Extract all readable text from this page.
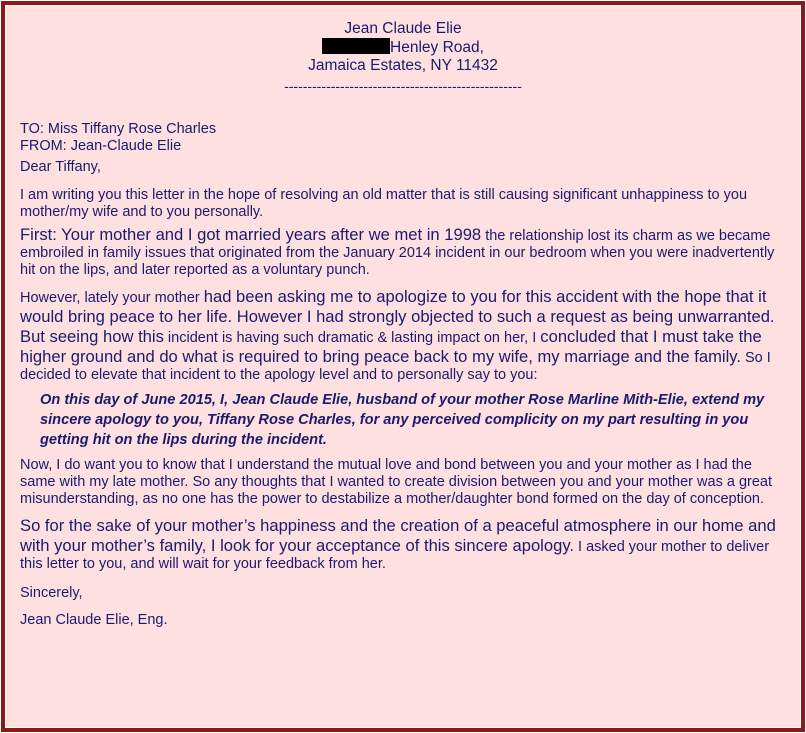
Jean Claude Elie
Henley Road,
Jamaica Estates, NY 11432
---------------------------------------------------

TO: Miss Tiffany Rose Charles

FROM: Jean-Claude Elie

Dear Tiffany,

I am writing you this letter in the hope of resolving an old matter that is still causing significant unhappiness to you mother/my wife and to you personally.

First: Your mother and I got married years after we met in 1998 the relationship lost its charm as we became embroiled in family issues that originated from the January 2014 incident in our bedroom when you were inadvertently hit on the lips, and later reported as a voluntary punch.

However, lately your mother had been asking me to apologize to you for this accident with the hope that it would bring peace to her life. However I had strongly objected to such a request as being unwarranted. But seeing how this incident is having such dramatic & lasting impact on her, I concluded that I must take the higher ground and do what is required to bring peace back to my wife, my marriage and the family. So I decided to elevate that incident to the apology level and to personally say to you:

On this day of June 2015, I, Jean Claude Elie, husband of your mother Rose Marline Mith-Elie, extend my sincere apology to you, Tiffany Rose Charles, for any perceived complicity on my part resulting in you getting hit on the lips during the incident.

Now, I do want you to know that I understand the mutual love and bond between you and your mother as I had the same with my late mother. So any thoughts that I wanted to create division between you and your mother was a great misunderstanding, as no one has the power to destabilize a mother/daughter bond formed on the day of conception.

So for the sake of your mother’s happiness and the creation of a peaceful atmosphere in our home and with your mother’s family, I look for your acceptance of this sincere apology. I asked your mother to deliver this letter to you, and will wait for your feedback from her.

Sincerely,

Jean Claude Elie, Eng.
